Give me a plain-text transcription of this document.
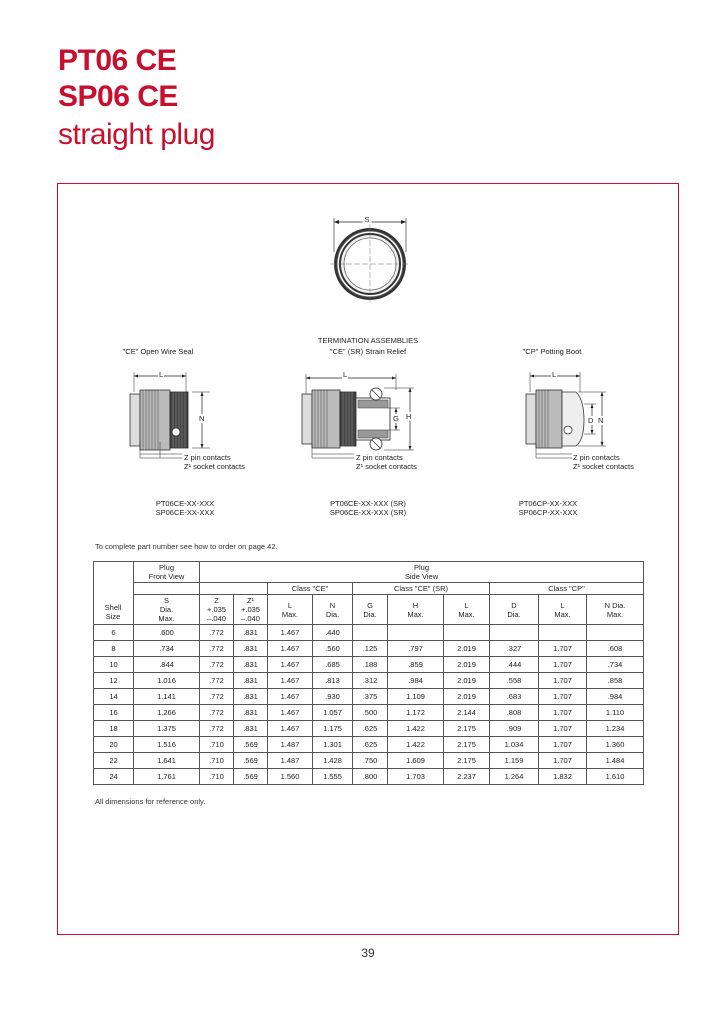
PT06 CE
SP06 CE
straight plug
S
TERMINATION ASSEMBLIES
"CE" Open Wire Seal	"CE" (SR) Strain Relief	"CP" Potting Boot
L
N
Z pin contacts
Z¹ socket contacts
L
G H
Z pin contacts
Z¹ socket contacts
L
D N
Z pin contacts
Z¹ socket contacts
PT06CE-XX-XXX
SP06CE-XX-XXX
PT06CE-XX-XXX (SR)
SP06CE-XX-XXX (SR)
PT06CP-XX-XXX
SP06CP-XX-XXX
To complete part number see how to order on page 42.
	Plug
Front View	Plug
Side View									
				Class "CE"		Class "CE" (SR)			Class "CP"		
	S
Dia.
Max.	Z
+.035
–.040	Z¹
+.035
–.040	L
Max.	N
Dia.	G
Dia.	H
Max.	L
Max.	D
Dia.	L
Max.	N Dia.
Max.
6	.600	.772	.831	1.467	.440						
8	.734	.772	.831	1.467	.560	.125	.797	2.019	.327	1.707	.608
10	.844	.772	.831	1.467	.685	.188	.859	2.019	.444	1.707	.734
12	1.016	.772	.831	1.467	.813	.312	.984	2.019	.558	1.707	.858
14	1.141	.772	.831	1.467	.930	.375	1.109	2.019	.683	1.707	.984
16	1.266	.772	.831	1.467	1.057	.500	1.172	2.144	.808	1.707	1.110
18	1.375	.772	.831	1.467	1.175	.625	1.422	2.175	.909	1.707	1.234
20	1.516	.710	.569	1.487	1.301	.625	1.422	2.175	1.034	1.707	1.360
22	1.641	.710	.569	1.487	1.428	.750	1.609	2.175	1.159	1.707	1.484
24	1.761	.710	.569	1.560	1.555	.800	1.703	2.237	1.264	1.832	1.610
Shell
Size
All dimensions for reference only.
39
